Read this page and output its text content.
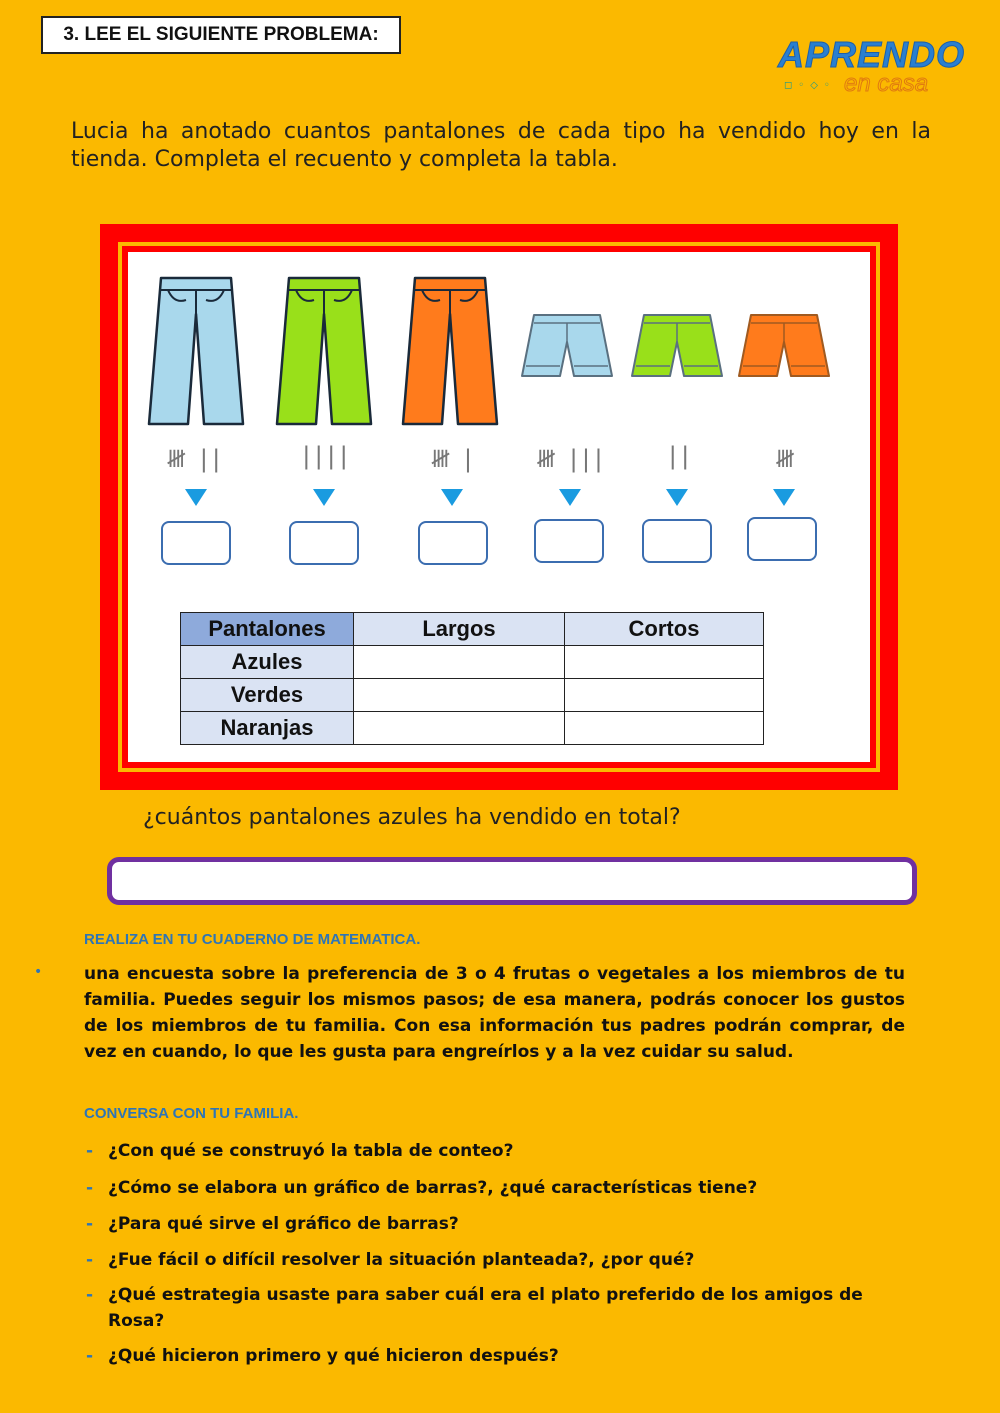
3. LEE EL SIGUIENTE PROBLEMA:	APRENDO
◻◦◇◦ en casa
Lucia ha anotado cuantos pantalones de cada tipo ha vendido hoy en la tienda. Completa el recuento y completa la tabla.
𝍸 ||	||||	𝍸 |	𝍸 |||	||	𝍸
Pantalones	Largos	Cortos
Azules		
Verdes		
Naranjas		
¿cuántos pantalones azules ha vendido en total?
REALIZA EN TU CUADERNO DE MATEMATICA.
• una encuesta sobre la preferencia de 3 o 4 frutas o vegetales a los miembros de tu familia. Puedes seguir los mismos pasos; de esa manera, podrás conocer los gustos de los miembros de tu familia. Con esa información tus padres podrán comprar, de vez en cuando, lo que les gusta para engreírlos y a la vez cuidar su salud.
CONVERSA CON TU FAMILIA.
- ¿Con qué se construyó la tabla de conteo?
- ¿Cómo se elabora un gráfico de barras?, ¿qué características tiene?
- ¿Para qué sirve el gráfico de barras?
- ¿Fue fácil o difícil resolver la situación planteada?, ¿por qué?
- ¿Qué estrategia usaste para saber cuál era el plato preferido de los amigos de Rosa?
- ¿Qué hicieron primero y qué hicieron después?
